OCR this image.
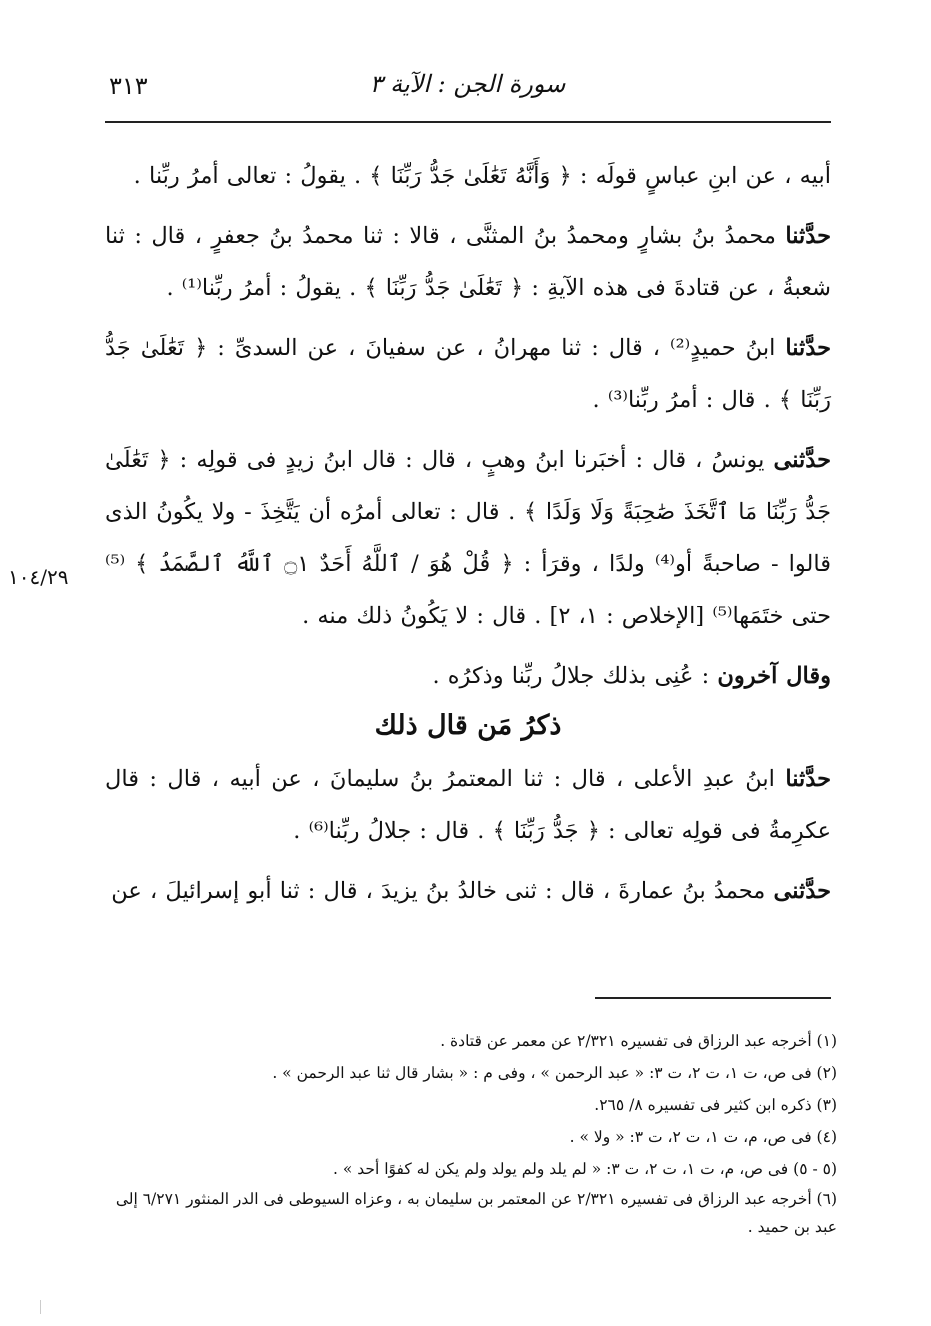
٣١٣	سورة الجن : الآية ٣
١٠٤/٢٩

أبيه ، عن ابنِ عباسٍ قولَه : ﴿ وَأَنَّهُ تَعَٰلَىٰ جَدُّ رَبِّنَا ﴾ . يقولُ : تعالى أمرُ ربِّنا .

حدَّثنا محمدُ بنُ بشارٍ ومحمدُ بنُ المثنَّى ، قالا : ثنا محمدُ بنُ جعفرٍ ، قال : ثنا شعبةُ ، عن قتادةَ فى هذه الآيةِ : ﴿ تَعَٰلَىٰ جَدُّ رَبِّنَا ﴾ . يقولُ : أمرُ ربِّنا⁽¹⁾ .

حدَّثنا ابنُ حميدٍ⁽²⁾ ، قال : ثنا مهرانُ ، عن سفيانَ ، عن السدىِّ : ﴿ تَعَٰلَىٰ جَدُّ رَبِّنَا ﴾ . قال : أمرُ ربِّنا⁽³⁾ .

حدَّثنى يونسُ ، قال : أخبَرنا ابنُ وهبٍ ، قال : قال ابنُ زيدٍ فى قولِه : ﴿ تَعَٰلَىٰ جَدُّ رَبِّنَا مَا ٱتَّخَذَ صَٰحِبَةً وَلَا وَلَدًا ﴾ . قال : تعالى أمرُه أن يَتَّخِذَ - ولا يكُونُ الذى قالوا - صاحبةً أو⁽⁴⁾ ولدًا ، وقرَأ : ﴿ قُلْ هُوَ / ٱللَّهُ أَحَدٌ ۝١ ٱللَّهُ ٱلصَّمَدُ ﴾ ⁽⁵⁾حتى ختَمَها⁽⁵⁾ [الإخلاص : ١، ٢] . قال : لا يَكُونُ ذلك منه .

وقال آخرون : عُنِى بذلك جلالُ ربِّنا وذكرُه .

ذكرُ مَن قال ذلك

حدَّثنا ابنُ عبدِ الأعلى ، قال : ثنا المعتمرُ بنُ سليمانَ ، عن أبيه ، قال : قال عكرِمةُ فى قولِه تعالى : ﴿ جَدُّ رَبِّنَا ﴾ . قال : جلالُ ربِّنا⁽⁶⁾ .

حدَّثنى محمدُ بنُ عمارةَ ، قال : ثنى خالدُ بنُ يزيدَ ، قال : ثنا أبو إسرائيلَ ، عن

(١) أخرجه عبد الرزاق فى تفسيره ٢/٣٢١ عن معمر عن قتادة .
(٢) فى ص، ت ١، ت ٢، ت ٣: « عبد الرحمن » ، وفى م : « بشار قال ثنا عبد الرحمن » .
(٣) ذكره ابن كثير فى تفسيره ٨/ ٢٦٥.
(٤) فى ص، م، ت ١، ت ٢، ت ٣: « ولا » .
(٥ - ٥) فى ص، م، ت ١، ت ٢، ت ٣: « لم يلد ولم يولد ولم يكن له كفوًا أحد » .
(٦) أخرجه عبد الرزاق فى تفسيره ٢/٣٢١ عن المعتمر بن سليمان به ، وعزاه السيوطى فى الدر المنثور ٦/٢٧١ إلى عبد بن حميد .
